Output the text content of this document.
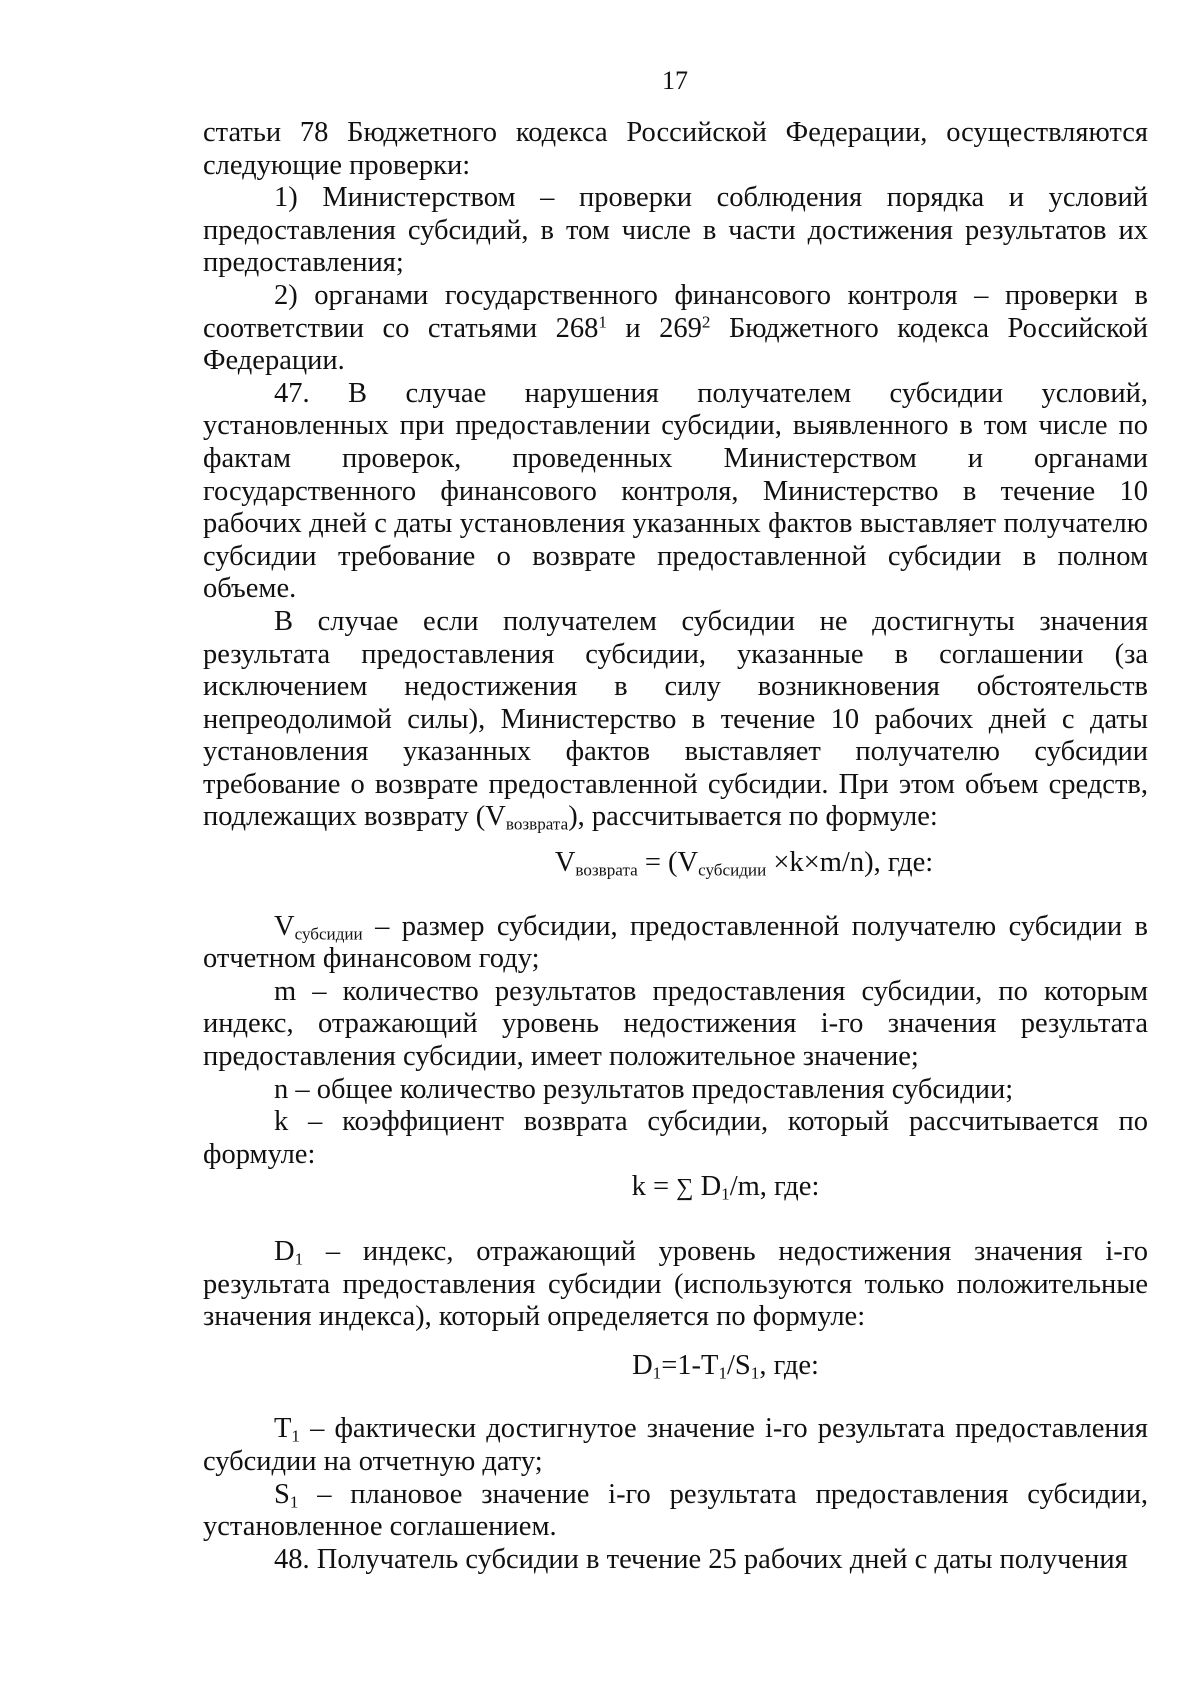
17

статьи 78 Бюджетного кодекса Российской Федерации, осуществляются следующие проверки:

1) Министерством – проверки соблюдения порядка и условий предоставления субсидий, в том числе в части достижения результатов их предоставления;

2) органами государственного финансового контроля – проверки в соответствии со статьями $268^1$ и $269^2$ Бюджетного кодекса Российской Федерации.

47. В случае нарушения получателем субсидии условий, установленных при предоставлении субсидии, выявленного в том числе по фактам проверок, проведенных Министерством и органами государственного финансового контроля, Министерство в течение 10 рабочих дней с даты установления указанных фактов выставляет получателю субсидии требование о возврате предоставленной субсидии в полном объеме.

В случае если получателем субсидии не достигнуты значения результата предоставления субсидии, указанные в соглашении (за исключением недостижения в силу возникновения обстоятельств непреодолимой силы), Министерство в течение 10 рабочих дней с даты установления указанных фактов выставляет получателю субсидии требование о возврате предоставленной субсидии. При этом объем средств, подлежащих возврату $(V_{возврата})$, рассчитывается по формуле:

$V_{возврата} = (V_{субсидии} \times k\times m/n)$, где:

$V_{субсидии}$ – размер субсидии, предоставленной получателю субсидии в отчетном финансовом году;

m – количество результатов предоставления субсидии, по которым индекс, отражающий уровень недостижения i-го значения результата предоставления субсидии, имеет положительное значение;

n – общее количество результатов предоставления субсидии;

k – коэффициент возврата субсидии, который рассчитывается по формуле:

k = ∑ $D_1/m$, где:

$D_1$ – индекс, отражающий уровень недостижения значения i-го результата предоставления субсидии (используются только положительные значения индекса), который определяется по формуле:

$D_1=1-T_1/S_1$, где:

$T_1$ – фактически достигнутое значение i-го результата предоставления субсидии на отчетную дату;

$S_1$ – плановое значение i-го результата предоставления субсидии, установленное соглашением.

48. Получатель субсидии в течение 25 рабочих дней с даты получения
